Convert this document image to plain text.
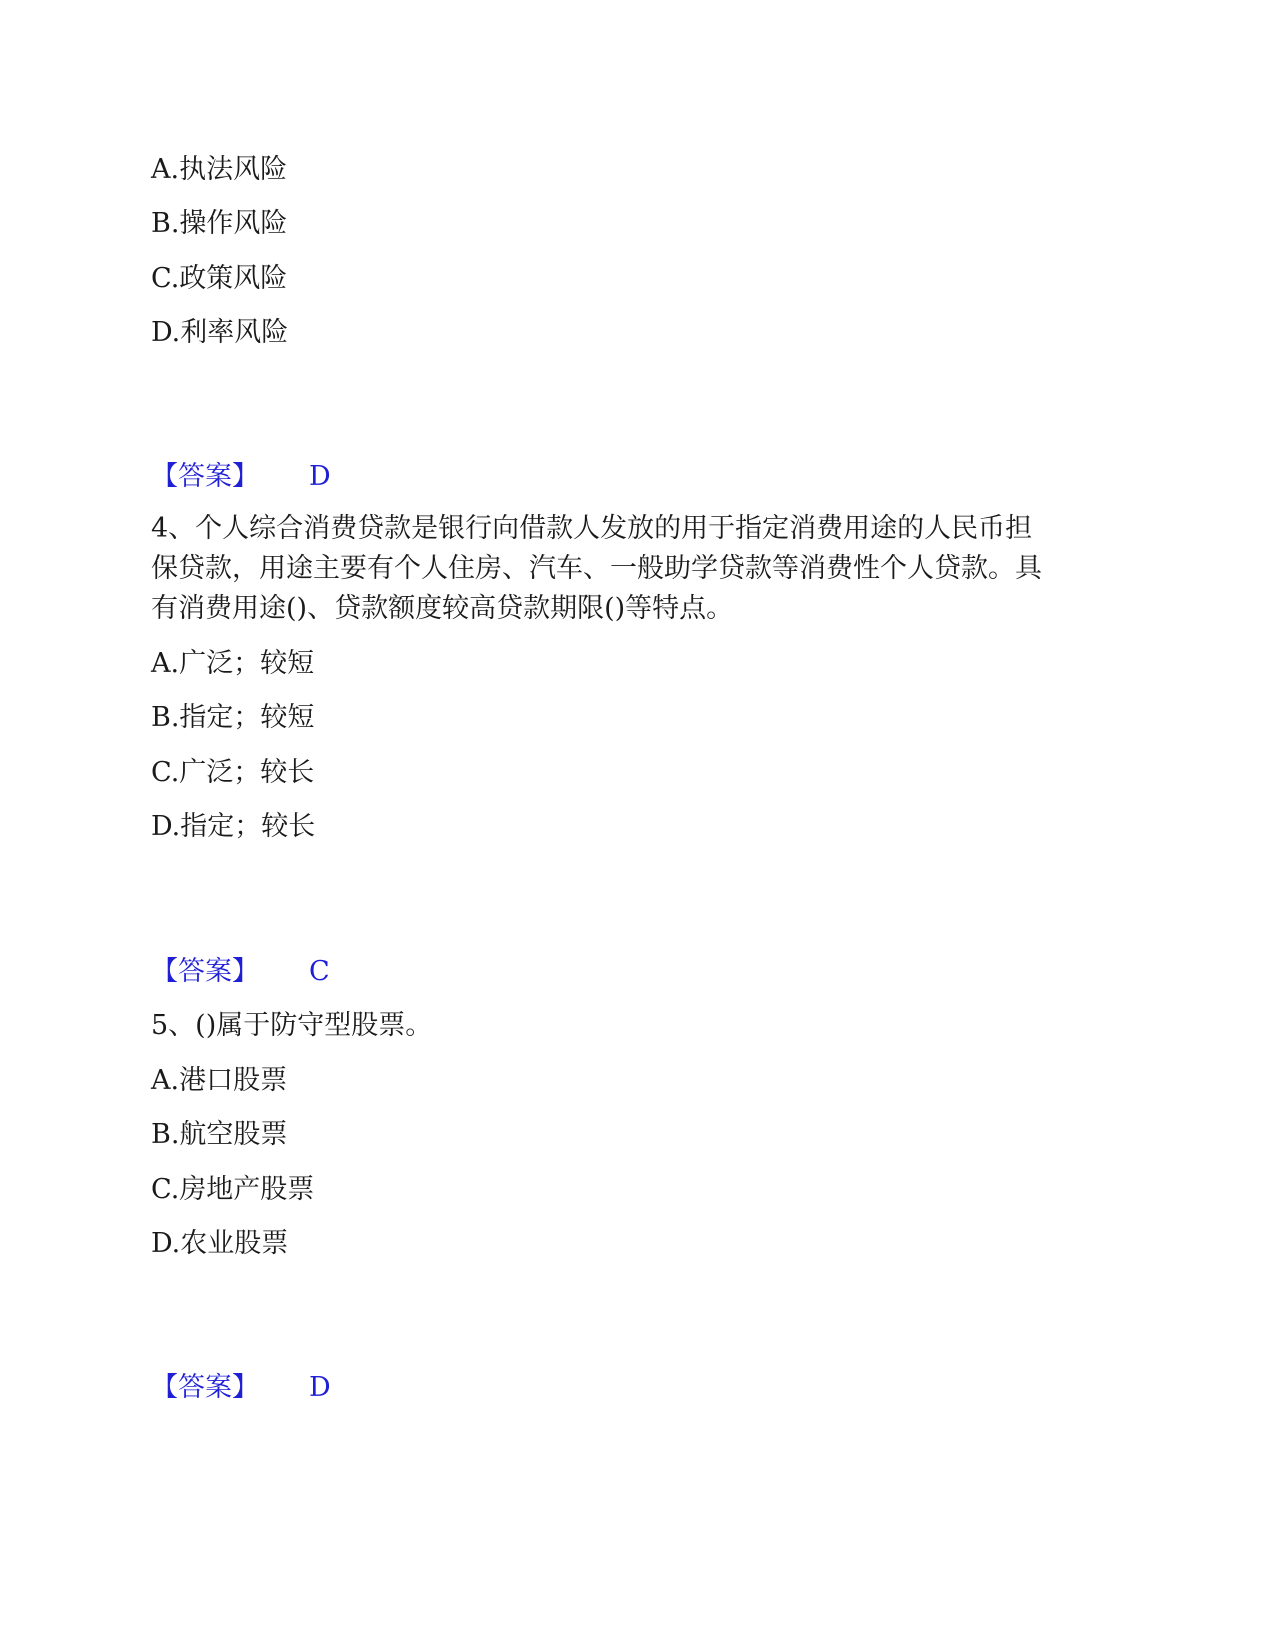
A.执法风险
B.操作风险
C.政策风险
D.利率风险
【答案】 D
4、个人综合消费贷款是银行向借款人发放的用于指定消费用途的人民币担
保贷款，用途主要有个人住房、汽车、一般助学贷款等消费性个人贷款。具
有消费用途()、贷款额度较高贷款期限()等特点。
A.广泛；较短
B.指定；较短
C.广泛；较长
D.指定；较长
【答案】 C
5、()属于防守型股票。
A.港口股票
B.航空股票
C.房地产股票
D.农业股票
【答案】 D
